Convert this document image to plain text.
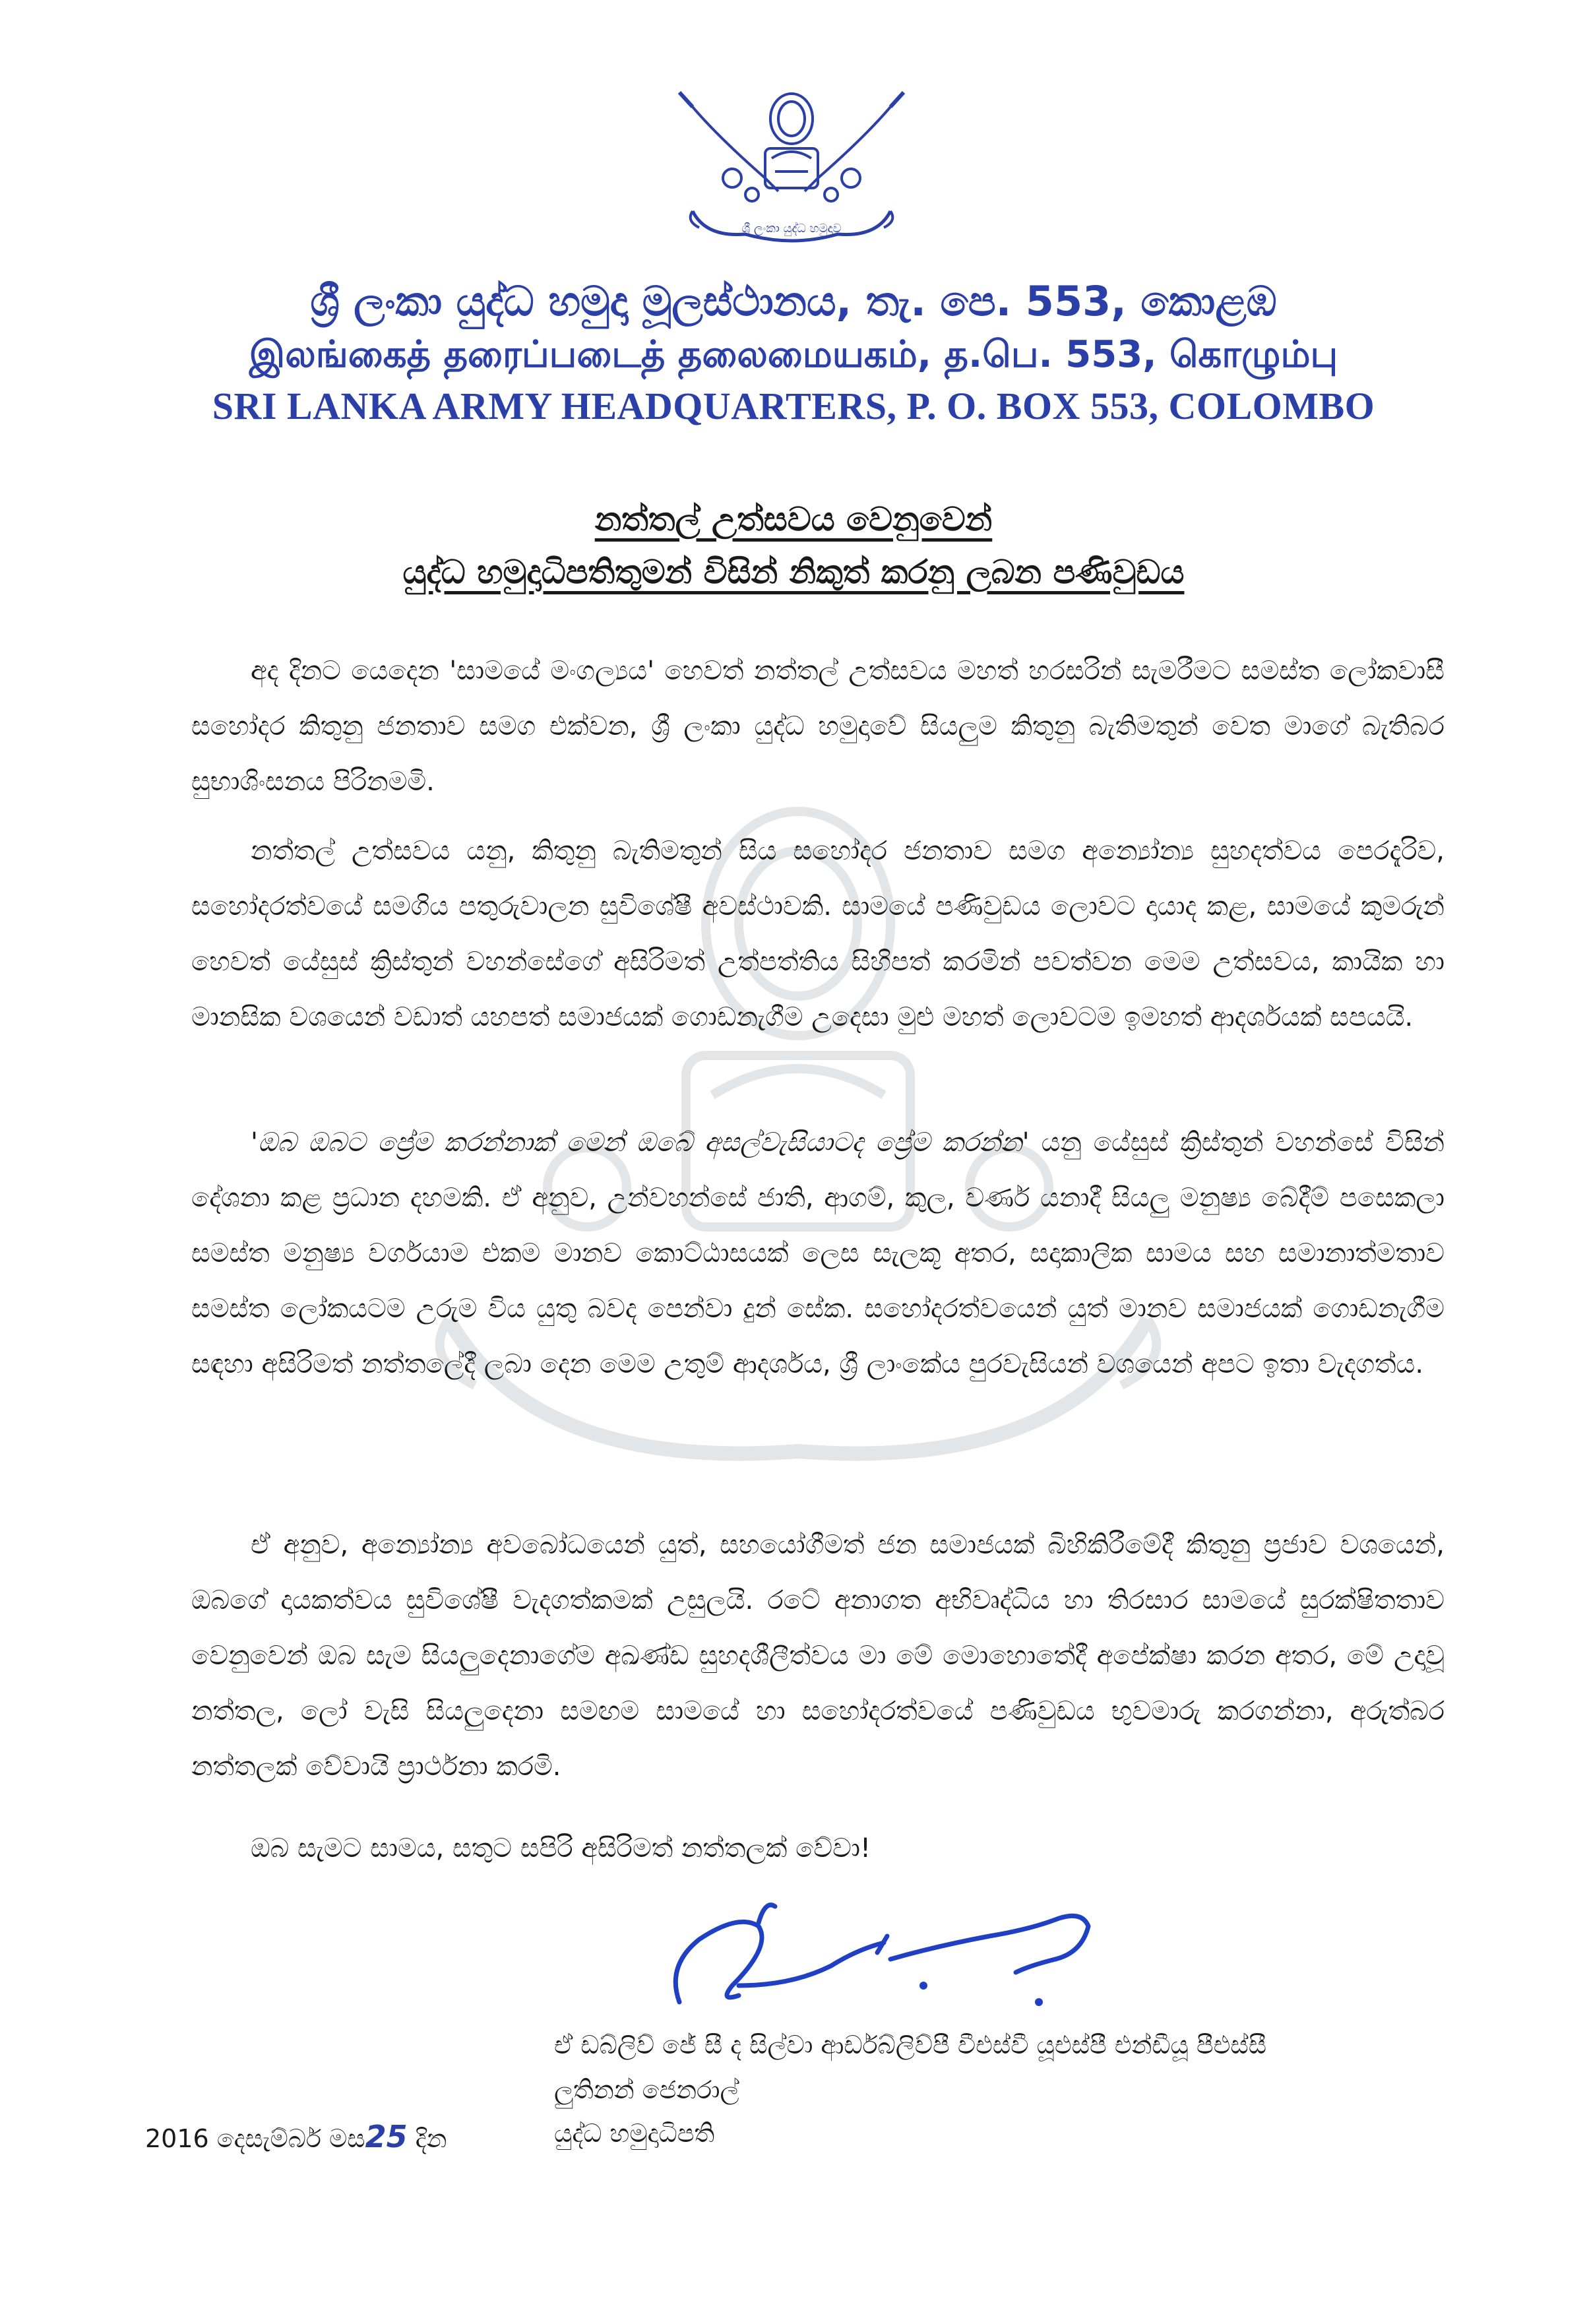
ශ්‍රී ලංකා යුද්ධ හමුදාව
ශ්‍රී ලංකා යුද්ධ හමුදා මූලස්ථානය, තැ. පෙ. 553, කොළඹ
இலங்கைத் தரைப்படைத் தலைமையகம், த.பெ. 553, கொழும்பு
SRI LANKA ARMY HEADQUARTERS, P. O. BOX 553, COLOMBO
නත්තල් උත්සවය වෙනුවෙන්
යුද්ධ හමුදාධිපතිතුමන් විසින් නිකුත් කරනු ලබන පණිවුඩය
අද දිනට යෙදෙන 'සාමයේ මංගල්‍යය' හෙවත් නත්තල් උත්සවය මහත් හරසරින් සැමරීමට සමස්ත ලෝකවාසී සහෝදර කිතුනු ජනතාව සමග එක්වන, ශ්‍රී ලංකා යුද්ධ හමුදාවේ සියලුම කිතුනු බැතිමතුන් වෙත මාගේ බැතිබර සුභාශිංසනය පිරිනමමි.
නත්තල් උත්සවය යනු, කිතුනු බැතිමතුන් සිය සහෝදර ජනතාව සමග අන්‍යෝන්‍ය සුහදත්වය පෙරදැරිව, සහෝදරත්වයේ සමගිය පතුරුවාලන සුවිශේෂී අවස්ථාවකි. සාමයේ පණිවුඩය ලොවට දායාද කළ, සාමයේ කුමරුන් හෙවත් යේසුස් ක්‍රිස්තුන් වහන්සේගේ අසිරිමත් උත්පත්තිය සිහිපත් කරමින් පවත්වන මෙම උත්සවය, කායික හා මානසික වශයෙන් වඩාත් යහපත් සමාජයක් ගොඩනැගීම උදෙසා මුළු මහත් ලොවටම ඉමහත් ආදර්ශයක් සපයයි.
'ඔබ ඔබට ප්‍රේම කරන්නාක් මෙන් ඔබේ අසල්වැසියාටද ප්‍රේම කරන්න' යනු යේසුස් ක්‍රිස්තුන් වහන්සේ විසින් දේශනා කළ ප්‍රධාන දහමකි. ඒ අනුව, උන්වහන්සේ ජාති, ආගම්, කුල, වර්ණ යනාදී සියලු මනුෂ්‍ය බේදීම් පසෙකලා සමස්ත මනුෂ්‍ය වර්ගයාම එකම මානව කොට්ඨාසයක් ලෙස සැලකූ අතර, සදාකාලික සාමය සහ සමානාත්මතාව සමස්ත ලෝකයටම උරුම විය යුතු බවද පෙන්වා දුන් සේක. සහෝදරත්වයෙන් යුත් මානව සමාජයක් ගොඩනැගීම සඳහා අසිරිමත් නත්තලේදී ලබා දෙන මෙම උතුම් ආදර්ශය, ශ්‍රී ලාංකේය පුරවැසියන් වශයෙන් අපට ඉතා වැදගත්ය.
ඒ අනුව, අන්‍යෝන්‍ය අවබෝධයෙන් යුත්, සහයෝගීමත් ජන සමාජයක් බිහිකිරීමේදී කිතුනු ප්‍රජාව වශයෙන්, ඔබගේ දායකත්වය සුවිශේෂී වැදගත්කමක් උසුලයි. රටේ අනාගත අභිවෘද්ධිය හා තිරසාර සාමයේ සුරක්ෂිතතාව වෙනුවෙන් ඔබ සැම සියලුදෙනාගේම අඛණ්ඩ සුහදශීලීත්වය මා මේ මොහොතේදී අපේක්ෂා කරන අතර, මේ උදාවූ නත්තල, ලෝ වැසි සියලුදෙනා සමඟම සාමයේ හා සහෝදරත්වයේ පණිවුඩය භුවමාරු කරගන්නා, අරුත්බර නත්තලක් වේවායි ප්‍රාර්ථනා කරමි.
ඔබ සැමට සාමය, සතුට සපිරි අසිරිමත් නත්තලක් වේවා!
ඒ ඩබ්ලිව් ජේ සී ද සිල්වා ආර්ඩබ්ලිව්පී වීඑස්වී යූඑස්පී එන්ඩීයූ පීඑස්සී
ලුතිනන් ජෙනරාල්
යුද්ධ හමුදාධිපති
2016 දෙසැම්බර් මස25 දින
